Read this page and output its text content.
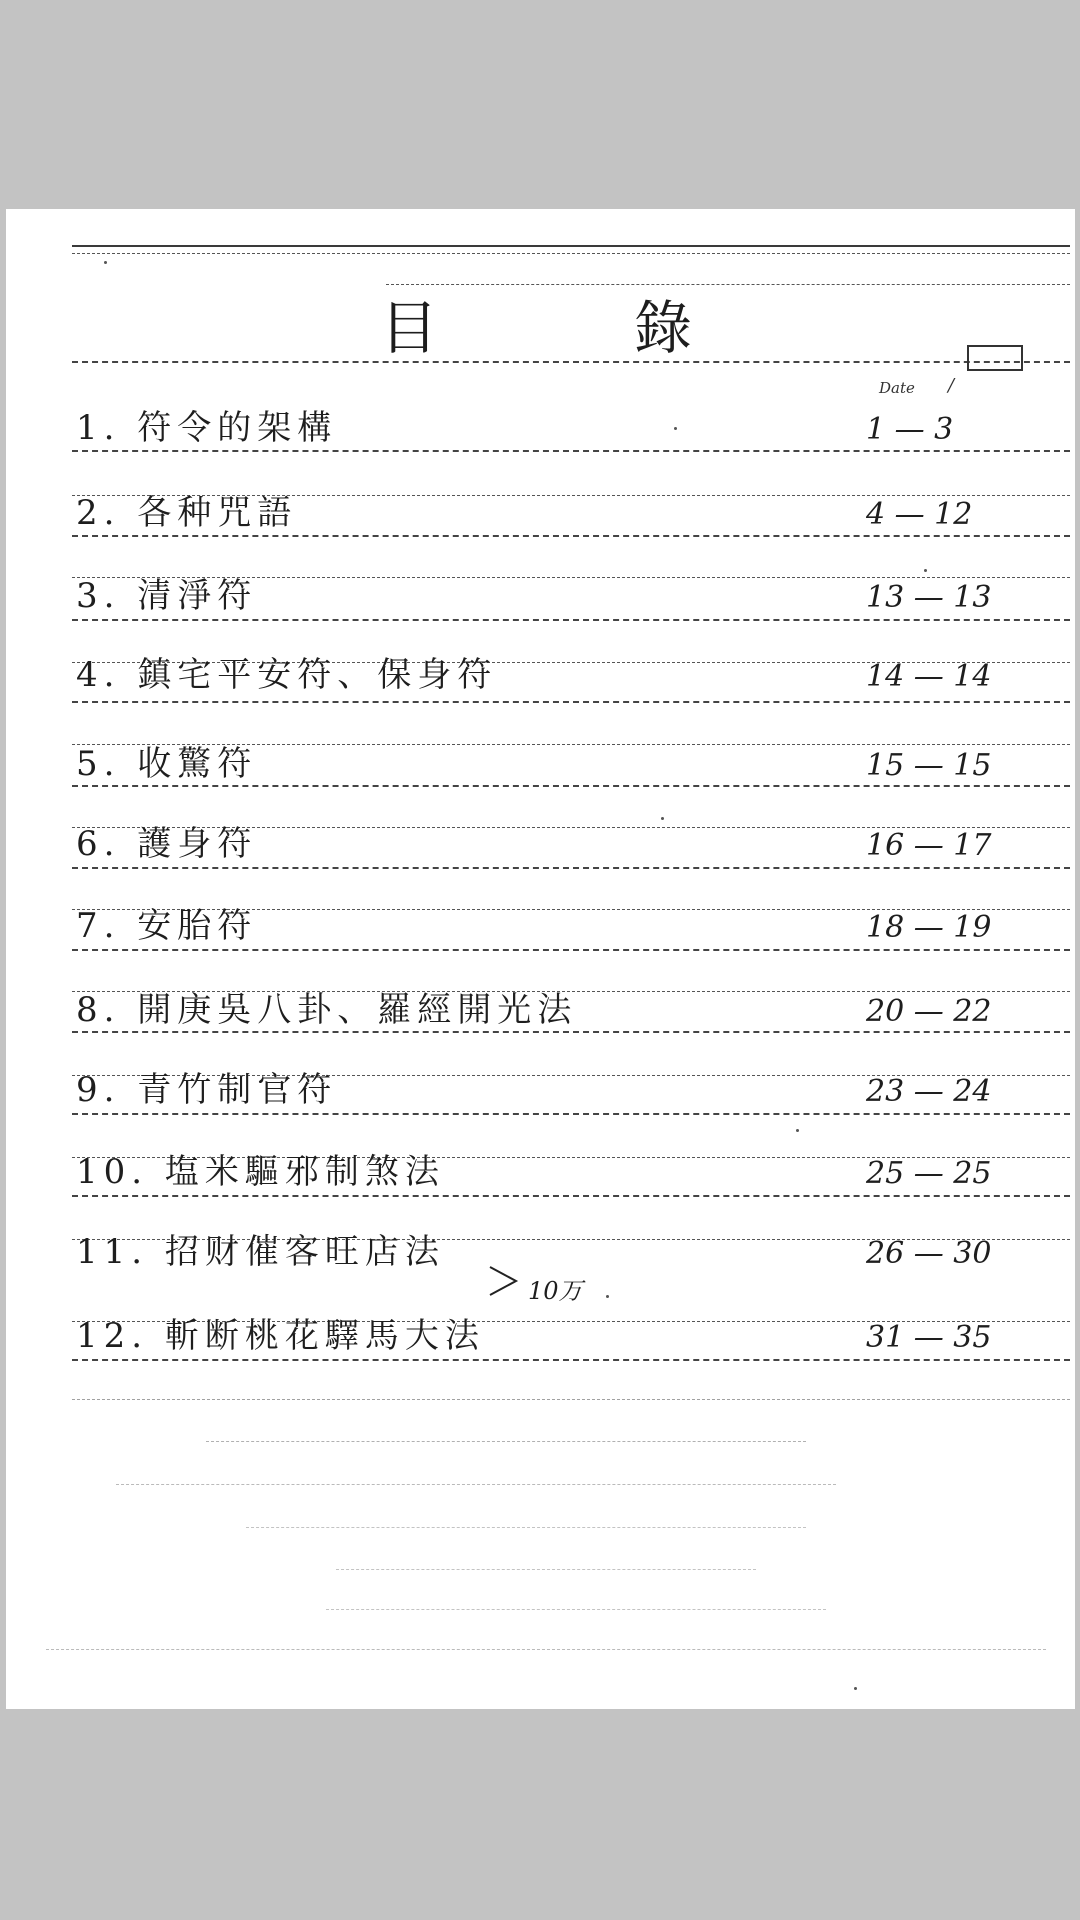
目	錄
Date /
1. 符令的架構	1 — 3
2. 各种咒語	4 — 12
3. 清淨符	13 — 13
4. 鎮宅平安符、保身符	14 — 14
5. 收驚符	15 — 15
6. 護身符	16 — 17
7. 安胎符	18 — 19
8. 開庚吳八卦、羅經開光法	20 — 22
9. 青竹制官符	23 — 24
10. 塩米驅邪制煞法	25 — 25
11. 招财催客旺店法	26 — 30
10万
12. 斬断桃花驛馬大法	31 — 35
